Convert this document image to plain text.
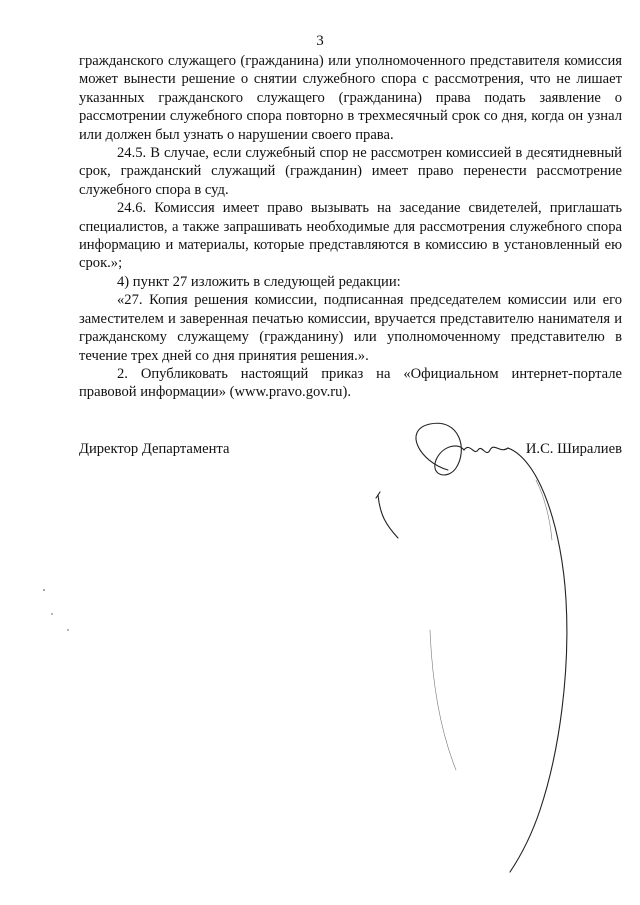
3

гражданского служащего (гражданина) или уполномоченного представителя комиссия может вынести решение о снятии служебного спора с рассмотрения, что не лишает указанных гражданского служащего (гражданина) права подать заявление о рассмотрении служебного спора повторно в трехмесячный срок со дня, когда он узнал или должен был узнать о нарушении своего права.

24.5. В случае, если служебный спор не рассмотрен комиссией в десятидневный срок, гражданский служащий (гражданин) имеет право перенести рассмотрение служебного спора в суд.

24.6. Комиссия имеет право вызывать на заседание свидетелей, приглашать специалистов, а также запрашивать необходимые для рассмотрения служебного спора информацию и материалы, которые представляются в комиссию в установленный ею срок.»;

4) пункт 27 изложить в следующей редакции:

«27. Копия решения комиссии, подписанная председателем комиссии или его заместителем и заверенная печатью комиссии, вручается представителю нанимателя и гражданскому служащему (гражданину) или уполномоченному представителю в течение трех дней со дня принятия решения.».

2. Опубликовать настоящий приказ на «Официальном интернет-портале правовой информации» (www.pravo.gov.ru).

Директор Департамента	И.С. Ширалиев
